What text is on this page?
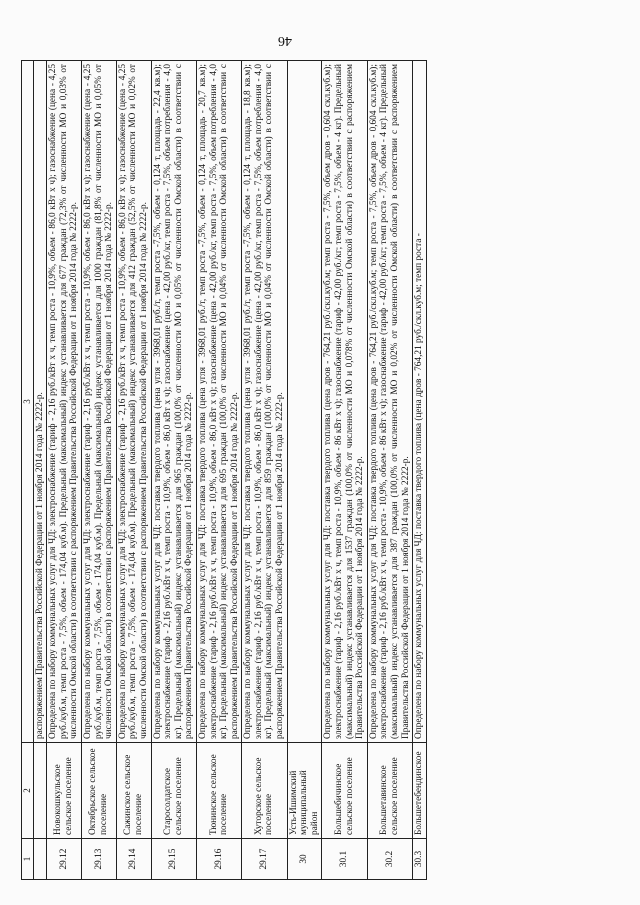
1	2	3
		распоряжением Правительства Российской Федерации от 1 ноября 2014 года № 2222-р.
29.12	Новокошкульское сельское поселение	Определена по набору коммунальных услуг для ЧД: электроснабжение (тариф - 2,16 руб./кВт х ч, темп роста - 10,9%, объем - 86,0 кВт х ч); газоснабжение (цена - 4,25 руб./куб.м, темп роста - 7,5%, объем - 174,04 куб.м). Предельный (максимальный) индекс устанавливается для 677 граждан (72,3% от численности МО и 0,03% от численности Омской области) в соответствии с распоряжением Правительства Российской Федерации от 1 ноября 2014 года № 2222-р.
29.13	Октябрьское сельское поселение	Определена по набору коммунальных услуг для ЧД: электроснабжение (тариф - 2,16 руб./кВт х ч, темп роста - 10,9%, объем - 86,0 кВт х ч); газоснабжение (цена - 4,25 руб./куб.м, темп роста - 7,5%, объем - 174,04 куб.м). Предельный (максимальный) индекс устанавливается для 1000 граждан (81,8% от численности МО и 0,05% от численности Омской области) в соответствии с распоряжением Правительства Российской Федерации от 1 ноября 2014 года № 2222-р.
29.14	Сажинское сельское поселение	Определена по набору коммунальных услуг для ЧД: электроснабжение (тариф - 2,16 руб./кВт х ч, темп роста - 10,9%, объем - 86,0 кВт х ч); газоснабжение (цена - 4,25 руб./куб.м, темп роста - 7,5%, объем - 174,04 куб.м). Предельный (максимальный) индекс устанавливается для 412 граждан (52,5% от численности МО и 0,02% от численности Омской области) в соответствии с распоряжением Правительства Российской Федерации от 1 ноября 2014 года № 2222-р.
29.15	Старосолдатское сельское поселение	Определена по набору коммунальных услуг для ЧД: поставка твердого топлива (цена угля - 3968,01 руб./т, темп роста -7,5%, объем - 0,124 т, площадь - 22,4 кв.м); электроснабжение (тариф - 2,16 руб./кВт х ч, темп роста - 10,9%, объем - 86,0 кВт х ч); газоснабжение (цена - 42,00 руб./кг, темп роста - 7,5%, объем потребления - 4,0 кг). Предельный (максимальный) индекс устанавливается для 965 граждан (100,0% от численности МО и 0,05% от численности Омской области) в соответствии с распоряжением Правительства Российской Федерации от 1 ноября 2014 года № 2222-р.
29.16	Тюнинское сельское поселение	Определена по набору коммунальных услуг для ЧД: поставка твердого топлива (цена угля - 3968,01 руб./т, темп роста -7,5%, объем - 0,124 т, площадь - 20,7 кв.м); электроснабжение (тариф - 2,16 руб./кВт х ч, темп роста - 10,9%, объем - 86,0 кВт х ч); газоснабжение (цена - 42,00 руб./кг, темп роста - 7,5%, объем потребления - 4,0 кг). Предельный (максимальный) индекс устанавливается для 695 граждан (100,0% от численности МО и 0,04% от численности Омской области) в соответствии с распоряжением Правительства Российской Федерации от 1 ноября 2014 года № 2222-р.
29.17	Хуторское сельское поселение	Определена по набору коммунальных услуг для ЧД: поставка твердого топлива (цена угля - 3968,01 руб./т, темп роста -7,5%, объем - 0,124 т, площадь - 18,8 кв.м); электроснабжение (тариф - 2,16 руб./кВт х ч, темп роста - 10,9%, объем - 86,0 кВт х ч); газоснабжение (цена - 42,00 руб./кг, темп роста - 7,5%, объем потребления - 4,0 кг). Предельный (максимальный) индекс устанавливается для 859 граждан (100,0% от численности МО и 0,04% от численности Омской области) в соответствии с распоряжением Правительства Российской Федерации от 1 ноября 2014 года № 2222-р.
30	Усть-Ишимский муниципальный район	
30.1	Большебичинское сельское поселение	Определена по набору коммунальных услуг для ЧД: поставка твердого топлива (цена дров - 764,21 руб./скл.куб.м; темп роста - 7,5%, объем дров - 0,604 скл.куб.м); электроснабжение (тариф - 2,16 руб./кВт х ч, темп роста - 10,9%, объем - 86 кВт х ч); газоснабжение (тариф - 42,00 руб./кг; темп роста - 7,5%, объем - 4 кг). Предельный (максимальный) индекс устанавливается для 1537 граждан (100,0% от численности МО и 0,078% от численности Омской области) в соответствии с распоряжением Правительства Российской Федерации от 1 ноября 2014 года № 2222-р.
30.2	Большетавинское сельское поселение	Определена по набору коммунальных услуг для ЧД: поставка твердого топлива (цена дров - 764,21 руб./скл.куб.м; темп роста - 7,5%, объем дров - 0,604 скл.куб.м); электроснабжение (тариф - 2,16 руб./кВт х ч, темп роста - 10,9%, объем - 86 кВт х ч); газоснабжение (тариф - 42,00 руб./кг; темп роста - 7,5%, объем - 4 кг). Предельный (максимальный) индекс устанавливается для 387 граждан (100,0% от численности МО и 0,02% от численности Омской области) в соответствии с распоряжением Правительства Российской Федерации от 1 ноября 2014 года № 2222-р.
30.3	Большетебендинское	Определена по набору коммунальных услуг для ЧД: поставка твердого топлива (цена дров - 764,21 руб./скл.куб.м; темп роста -
46
